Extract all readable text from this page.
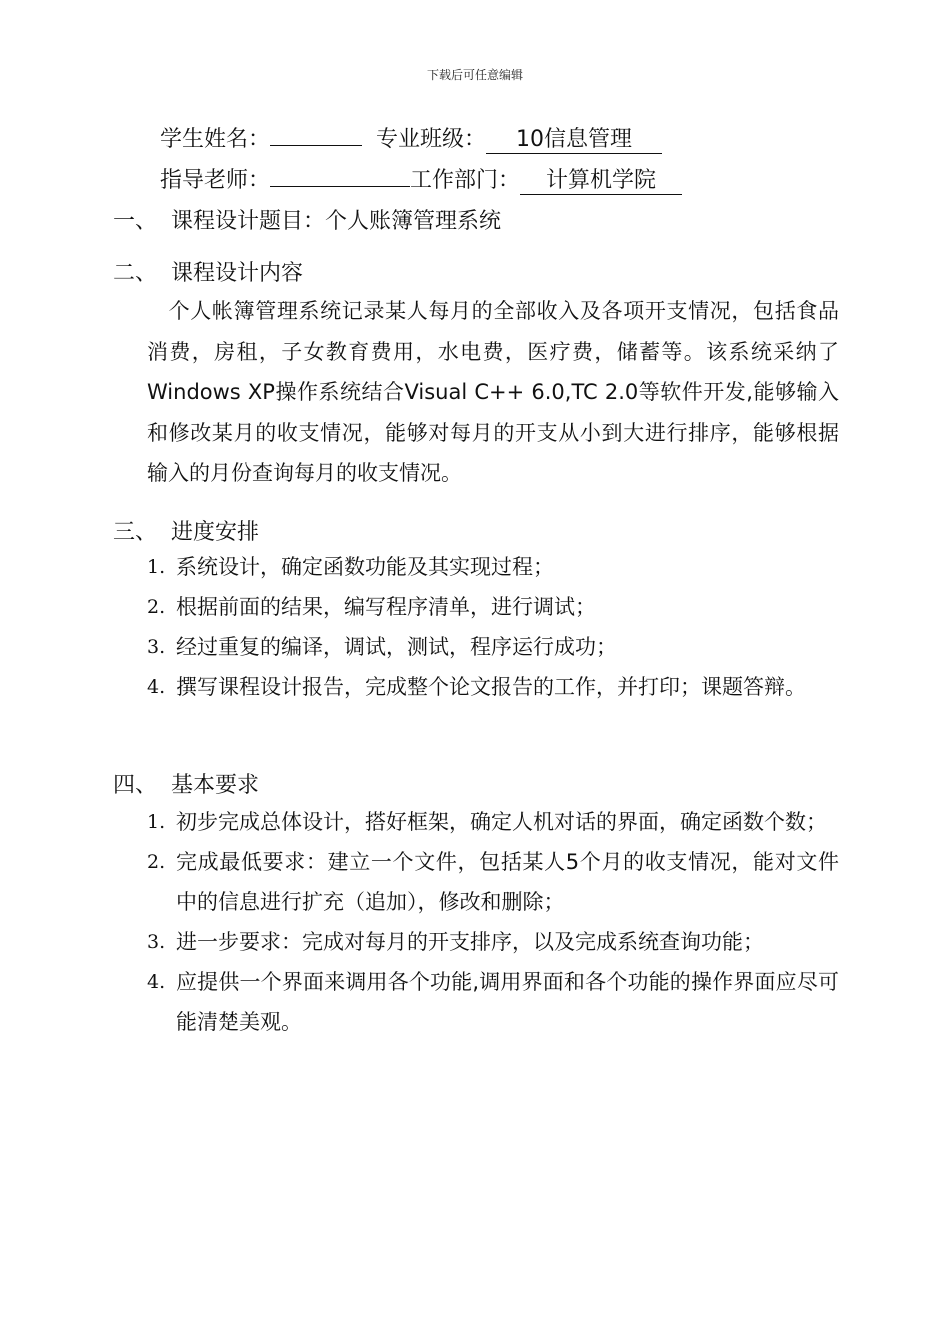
下载后可任意编辑
学生姓名：	专业班级： 10信息管理
指导老师：	工作部门： 计算机学院
一、 课程设计题目：个人账簿管理系统
二、 课程设计内容

　个人帐簿管理系统记录某人每月的全部收入及各项开支情况，包括食品消费，房租，子女教育费用，水电费，医疗费，储蓄等。该系统采纳了Windows XP操作系统结合Visual C++ 6.0,TC 2.0等软件开发,能够输入和修改某月的收支情况，能够对每月的开支从小到大进行排序，能够根据输入的月份查询每月的收支情况。

三、 进度安排
1. 系统设计，确定函数功能及其实现过程；
2. 根据前面的结果，编写程序清单，进行调试；
3. 经过重复的编译，调试，测试，程序运行成功；
4. 撰写课程设计报告，完成整个论文报告的工作，并打印；课题答辩。
四、 基本要求
1. 初步完成总体设计，搭好框架，确定人机对话的界面，确定函数个数；
2. 完成最低要求：建立一个文件，包括某人5个月的收支情况，能对文件中的信息进行扩充（追加），修改和删除；
3. 进一步要求：完成对每月的开支排序，以及完成系统查询功能；
4. 应提供一个界面来调用各个功能,调用界面和各个功能的操作界面应尽可能清楚美观。
